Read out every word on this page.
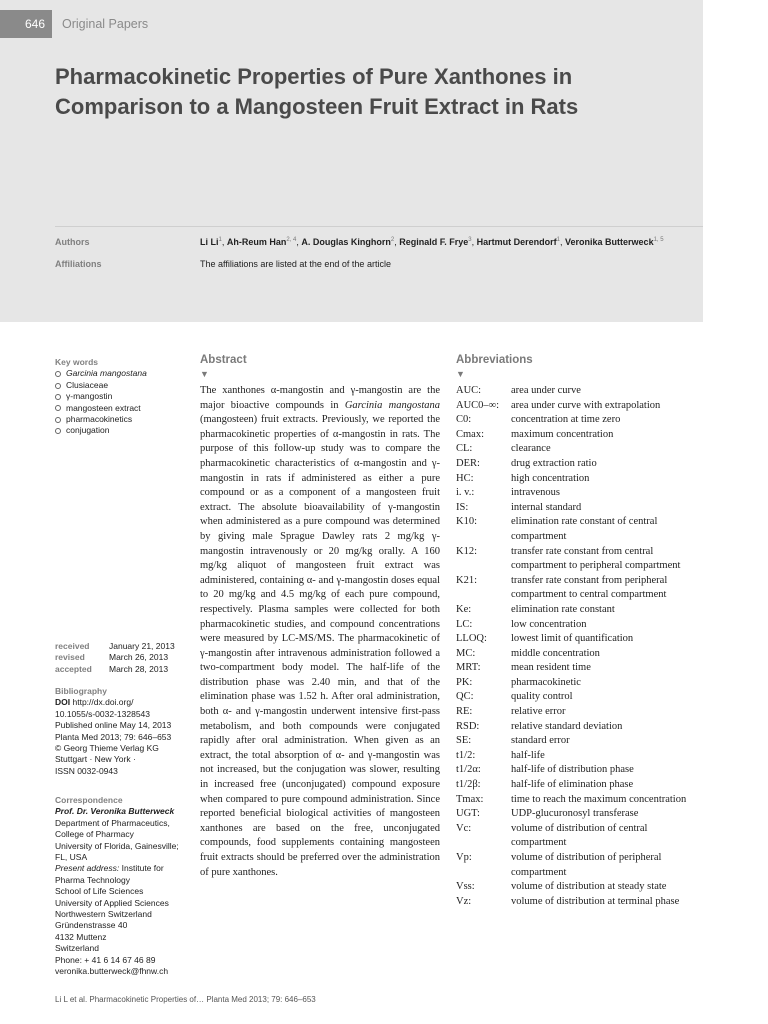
646	Original Papers
Pharmacokinetic Properties of Pure Xanthones in Comparison to a Mangosteen Fruit Extract in Rats
Authors	Li Li$^1$, Ah-Reum Han$^{2, 4}$, A. Douglas Kinghorn$^2$, Reginald F. Frye$^3$, Hartmut Derendorf$^1$, Veronika Butterweck$^{1, 5}$
Affiliations	The affiliations are listed at the end of the article
Key words
Garcinia mangostana
Clusiaceae
γ-mangostin
mangosteen extract
pharmacokinetics
conjugation
received	January 21, 2013
revised	March 26, 2013
accepted	March 28, 2013
Bibliography
DOI http://dx.doi.org/
10.1055/s-0032-1328543
Published online May 14, 2013
Planta Med 2013; 79: 646–653
© Georg Thieme Verlag KG
Stuttgart · New York ·
ISSN 0032-0943
Correspondence
Prof. Dr. Veronika Butterweck
Department of Pharmaceutics,
College of Pharmacy
University of Florida, Gainesville;
FL, USA
Present address: Institute for
Pharma Technology
School of Life Sciences
University of Applied Sciences
Northwestern Switzerland
Gründenstrasse 40
4132 Muttenz
Switzerland
Phone: + 41 6 14 67 46 89
veronika.butterweck@fhnw.ch
Abstract
▼
The xanthones α-mangostin and γ-mangostin are the major bioactive compounds in Garcinia mangostana (mangosteen) fruit extracts. Previously, we reported the pharmacokinetic properties of α-mangostin in rats. The purpose of this follow-up study was to compare the pharmacokinetic characteristics of α-mangostin and γ-mangostin in rats if administered as either a pure compound or as a component of a mangosteen fruit extract. The absolute bioavailability of γ-mangostin when administered as a pure compound was determined by giving male Sprague Dawley rats 2 mg/kg γ-mangostin intravenously or 20 mg/kg orally. A 160 mg/kg aliquot of mangosteen fruit extract was administered, containing α- and γ-mangostin doses equal to 20 mg/kg and 4.5 mg/kg of each pure compound, respectively. Plasma samples were collected for both pharmacokinetic studies, and compound concentrations were measured by LC-MS/MS. The pharmacokinetic of γ-mangostin after intravenous administration followed a two-compartment body model. The half-life of the distribution phase was 2.40 min, and that of the elimination phase was 1.52 h. After oral administration, both α- and γ-mangostin underwent intensive first-pass metabolism, and both compounds were conjugated rapidly after oral administration. When given as an extract, the total absorption of α- and γ-mangostin was not increased, but the conjugation was slower, resulting in increased free (unconjugated) compound exposure when compared to pure compound administration. Since reported beneficial biological activities of mangosteen xanthones are based on the free, unconjugated compounds, food supplements containing mangosteen fruit extracts should be preferred over the administration of pure xanthones.
Abbreviations
▼
AUC:	area under curve
AUC0–∞:	area under curve with extrapolation
C0:	concentration at time zero
Cmax:	maximum concentration
CL:	clearance
DER:	drug extraction ratio
HC:	high concentration
i. v.:	intravenous
IS:	internal standard
K10:	elimination rate constant of central compartment
K12:	transfer rate constant from central compartment to peripheral compartment
K21:	transfer rate constant from peripheral compartment to central compartment
Ke:	elimination rate constant
LC:	low concentration
LLOQ:	lowest limit of quantification
MC:	middle concentration
MRT:	mean resident time
PK:	pharmacokinetic
QC:	quality control
RE:	relative error
RSD:	relative standard deviation
SE:	standard error
t1/2:	half-life
t1/2α:	half-life of distribution phase
t1/2β:	half-life of elimination phase
Tmax:	time to reach the maximum concentration
UGT:	UDP-glucuronosyl transferase
Vc:	volume of distribution of central compartment
Vp:	volume of distribution of peripheral compartment
Vss:	volume of distribution at steady state
Vz:	volume of distribution at terminal phase
Li L et al. Pharmacokinetic Properties of… Planta Med 2013; 79: 646–653
